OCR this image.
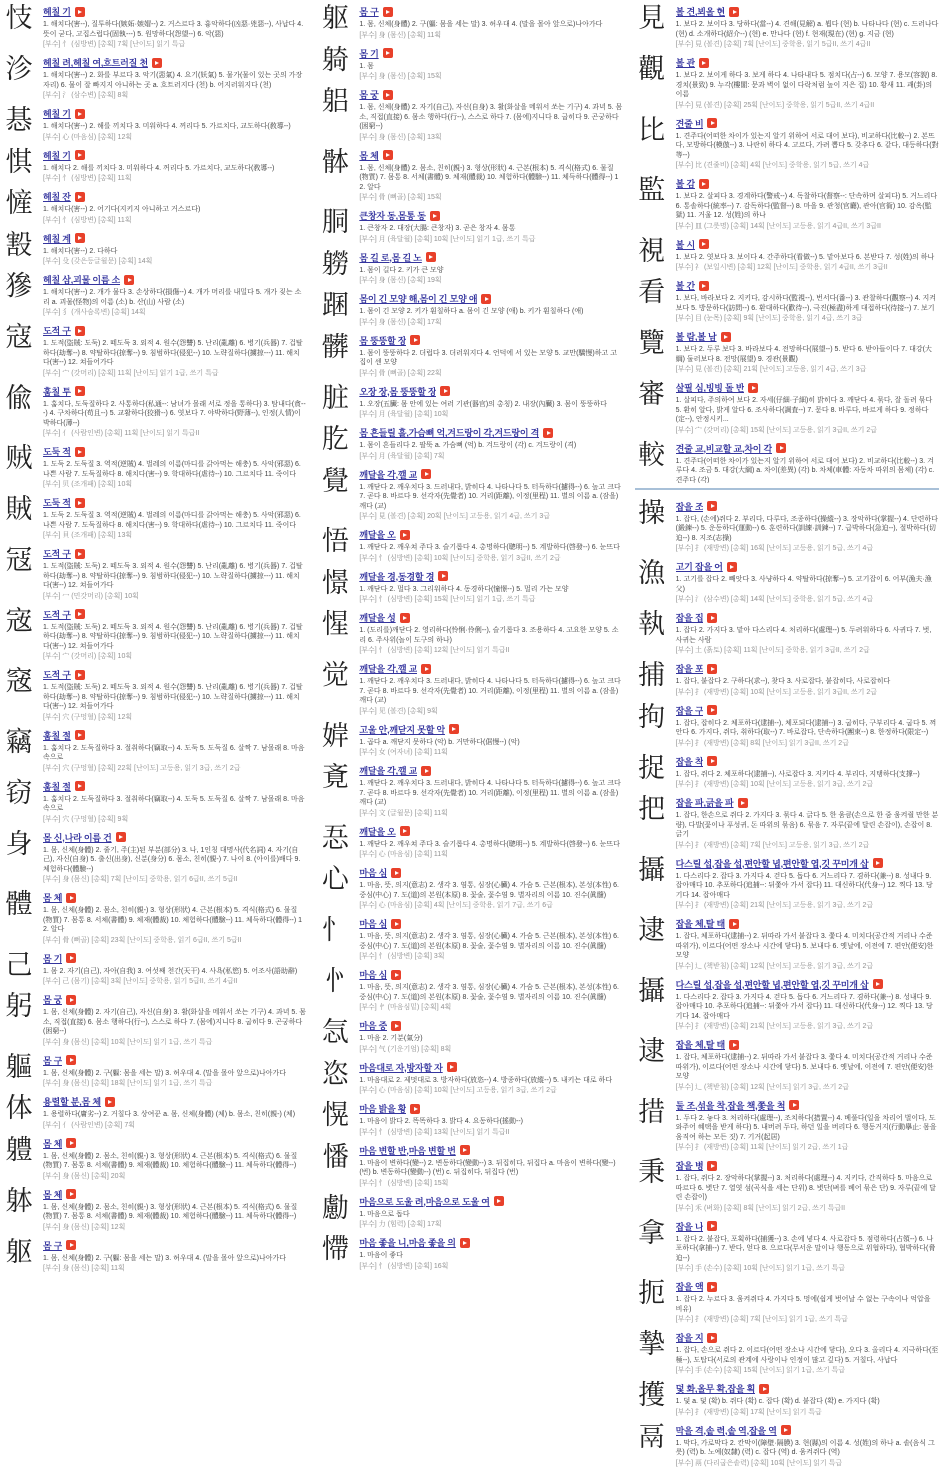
忮	헤칠 기
1. 해치다(害--), 질투하다(嫉妬·嫉媢--) 2. 거스르다 3. 흉악하다(凶惡·兇惡--), 사납다 4. 뜻이 굳다, 고집스럽다(固執---) 5. 원망하다(怨望--) 6. 악(惡)
[부수] 忄 (심방변) [총획] 7획 [난이도] 읽기 특급
沴	헤칠 려,헤칠 여,흐트러질 천
1. 해치다(害--) 2. 화를 부르다 3. 악기(惡氣) 4. 요기(妖氣) 5. 물가(물이 있는 곳의 가장자리) 6. 물이 잘 빠지지 아니하는 곳 a. 흐트러지다 (천) b. 어지러워지다 (천)
[부수] 氵 (삼수변) [총획] 8획
惎	헤칠 기
1. 해치다(害--) 2. 해를 끼치다 3. 미워하다 4. 꺼리다 5. 가르치다, 교도하다(敎導--)
[부수] 心 (마음심) [총획] 12획
㥍	헤칠 기
1. 해치다 2. 해를 끼치다 3. 미워하다 4. 꺼리다 5. 가르치다, 교도하다(敎導--)
[부수] 忄 (심방변) [총획] 11획
㦃	헤칠 잔
1. 해치다(害--) 2. 어기다(지키지 아니하고 거스르다)
[부수] 忄 (심방변) [총획] 11획
㲅	헤칠 계
1. 해치다(害--) 2. 다하다
[부수] 殳 (갖은등글월문) [총획] 14획
㺑	헤칠 삼,괴물 이름 소
1. 해치다(害--) 2. 개가 물다 3. 손상하다(損傷--) 4. 개가 머리를 내밀다 5. 개가 짖는 소리 a. 괴물(怪物)의 이름 (소) b. 산(山) 사람 (소)
[부수] 犭 (개사슴록변) [총획] 14획
寇	도적 구
1. 도적(盜賊: 도둑) 2. 떼도둑 3. 외적 4. 원수(怨讐) 5. 난리(亂離) 6. 병기(兵器) 7. 겁탈하다(劫奪--) 8. 약탈하다(掠奪--) 9. 침범하다(侵犯--) 10. 노략질하다(擄掠---) 11. 해치다(害--) 12. 쳐들어가다
[부수] 宀 (갓머리) [총획] 11획 [난이도] 읽기 1급, 쓰기 특급
偸	훔칠 투
1. 훔치다, 도둑질하다 2. 사통하다(私通--: 남녀가 몰래 서로 정을 통하다) 3. 탐내다(貪---) 4. 구차하다(苟且--) 5. 교활하다(狡猾--) 6. 엿보다 7. 야박하다(野薄--), 인정(人情)이 박하다(薄--)
[부수] 亻 (사람인변) [총획] 11획 [난이도] 읽기 특급II
贼	도둑 적
1. 도둑 2. 도둑질 3. 역적(逆賊) 4. 벌레의 이름(마디를 갉아먹는 해충) 5. 사악(邪惡) 6. 나쁜 사람 7. 도둑질하다 8. 해치다(害--) 9. 학대하다(虐待--) 10. 그르치다 11. 죽이다
[부수] 贝 (조개패) [총획] 10획
賊	도둑 적
1. 도둑 2. 도둑질 3. 역적(逆賊) 4. 벌레의 이름(마디를 갉아먹는 해충) 5. 사악(邪惡) 6. 나쁜 사람 7. 도둑질하다 8. 해치다(害--) 9. 학대하다(虐待--) 10. 그르치다 11. 죽이다
[부수] 貝 (조개패) [총획] 13획
冦	도적 구
1. 도적(盜賊: 도둑) 2. 떼도둑 3. 외적 4. 원수(怨讐) 5. 난리(亂離) 6. 병기(兵器) 7. 겁탈하다(劫奪--) 8. 약탈하다(掠奪--) 9. 침범하다(侵犯--) 10. 노략질하다(擄掠---) 11. 해치다(害--) 12. 쳐들어가다
[부수] 冖 (민갓머리) [총획] 10획
宼	도적 구
1. 도적(盜賊: 도둑) 2. 떼도둑 3. 외적 4. 원수(怨讐) 5. 난리(亂離) 6. 병기(兵器) 7. 겁탈하다(劫奪--) 8. 약탈하다(掠奪--) 9. 침범하다(侵犯--) 10. 노략질하다(擄掠---) 11. 해치다(害--) 12. 쳐들어가다
[부수] 宀 (갓머리) [총획] 10획
窛	도적 구
1. 도적(盜賊: 도둑) 2. 떼도둑 3. 외적 4. 원수(怨讐) 5. 난리(亂離) 6. 병기(兵器) 7. 겁탈하다(劫奪--) 8. 약탈하다(掠奪--) 9. 침범하다(侵犯--) 10. 노략질하다(擄掠---) 11. 해치다(害--) 12. 쳐들어가다
[부수] 穴 (구멍혈) [총획] 12획
竊	훔칠 절
1. 훔치다 2. 도둑질하다 3. 절취하다(竊取--) 4. 도둑 5. 도둑질 6. 살짝 7. 남몰래 8. 마음속으로
[부수] 穴 (구멍혈) [총획] 22획 [난이도] 고등용, 읽기 3급, 쓰기 2급
窃	훔칠 절
1. 훔치다 2. 도둑질하다 3. 절취하다(竊取--) 4. 도둑 5. 도둑질 6. 살짝 7. 남몰래 8. 마음속으로
[부수] 穴 (구멍혈) [총획] 9획
身	몸 신,나라 이름 건
1. 몸, 신체(身體) 2. 줄기, 주(主)된 부분(部分) 3. 나, 1인칭 대명사(代名詞) 4. 자기(自己), 자신(自身) 5. 출신(出身), 신분(身分) 6. 몸소, 친히(親-) 7. 나이 8. (아이를)배다 9. 체험하다(體驗--)
[부수] 身 (몸신) [총획] 7획 [난이도] 중학용, 읽기 6급II, 쓰기 5급II
體	몸 체
1. 몸, 신체(身體) 2. 몸소, 친히(親-) 3. 형상(形狀) 4. 근본(根本) 5. 격식(格式) 6. 물질(物質) 7. 몸통 8. 서체(書體) 9. 체재(體裁) 10. 체험하다(體驗--) 11. 체득하다(體得--) 12. 알다
[부수] 骨 (뼈골) [총획] 23획 [난이도] 중학용, 읽기 6급II, 쓰기 5급II
己	몸 기
1. 몸 2. 자기(自己), 자아(自我) 3. 여섯째 천간(天干) 4. 사욕(私慾) 5. 어조사(語助辭)
[부수] 己 (몸기) [총획] 3획 [난이도] 중학용, 읽기 5급II, 쓰기 4급II
躬	몸 궁
1. 몸, 신체(身體) 2. 자기(自己), 자신(自身) 3. 활(화살을 메워서 쏘는 기구) 4. 과녁 5. 몸소, 직접(直接) 6. 몸소 행하다(行--), 스스로 하다 7. (몸에)지니다 8. 굽히다 9. 곤궁하다(困窮--)
[부수] 身 (몸신) [총획] 10획 [난이도] 읽기 1급, 쓰기 특급
軀	몸 구
1. 몸, 신체(身體) 2. 구(軀: 몸을 세는 말) 3. 허우대 4. (말을 몰아 앞으로)나아가다
[부수] 身 (몸신) [총획] 18획 [난이도] 읽기 1급, 쓰기 특급
体	용렬할 분,몸 체
1. 용렬하다(庸劣--) 2. 거칠다 3. 상여꾼 a. 몸, 신체(身體) (체) b. 몸소, 친히(親-) (체)
[부수] 亻 (사람인변) [총획] 7획
軆	몸 체
1. 몸, 신체(身體) 2. 몸소, 친히(親-) 3. 형상(形狀) 4. 근본(根本) 5. 격식(格式) 6. 물질(物質) 7. 몸통 8. 서체(書體) 9. 체재(體裁) 10. 체험하다(體驗--) 11. 체득하다(體得--)
[부수] 身 (몸신) [총획] 20획
躰	몸 체
1. 몸, 신체(身體) 2. 몸소, 친히(親-) 3. 형상(形狀) 4. 근본(根本) 5. 격식(格式) 6. 물질(物質) 7. 몸통 8. 서체(書體) 9. 체재(體裁) 10. 체험하다(體驗--) 11. 체득하다(體得--)
[부수] 身 (몸신) [총획] 12획
躯	몸 구
1. 몸, 신체(身體) 2. 구(軀: 몸을 세는 말) 3. 허우대 4. (말을 몰아 앞으로)나아가다
[부수] 身 (몸신) [총획] 11획
躯	몸 구
1. 몸, 신체(身體) 2. 구(軀: 몸을 세는 말) 3. 허우대 4. (말을 몰아 앞으로)나아가다
[부수] 身 (몸신) [총획] 11획
躸	몸 기
1. 몸
[부수] 身 (몸신) [총획] 15획
躳	몸 궁
1. 몸, 신체(身體) 2. 자기(自己), 자신(自身) 3. 활(화살을 메워서 쏘는 기구) 4. 과녁 5. 몸소, 직접(直接) 6. 몸소 행하다(行--), 스스로 하다 7. (몸에)지니다 8. 굽히다 9. 곤궁하다(困窮--)
[부수] 身 (몸신) [총획] 13획
骵	몸 체
1. 몸, 신체(身體) 2. 몸소, 친히(親-) 3. 형상(形狀) 4. 근본(根本) 5. 격식(格式) 6. 물질(物質) 7. 몸통 8. 서체(書體) 9. 체재(體裁) 10. 체험하다(體驗--) 11. 체득하다(體得--) 12. 알다
[부수] 骨 (뼈골) [총획] 15획
胴	큰창자 동,몸통 동
1. 큰창자 2. 대장(大腸: 큰창자) 3. 곧은 창자 4. 몸통
[부수] 月 (육달월) [총획] 10획 [난이도] 읽기 1급, 쓰기 특급
軂	몸 길 로,몸 길 노
1. 몸이 길다 2. 키가 큰 모양
[부수] 身 (몸신) [총획] 19획
䠅	몸이 긴 모양 해,몸이 긴 모양 애
1. 몸이 긴 모양 2. 키가 훤칠하다 a. 몸이 긴 모양 (애) b. 키가 훤칠하다 (애)
[부수] 身 (몸신) [총획] 17획
髒	몸 뚱뚱할 장
1. 몸이 뚱뚱하다 2. 더럽다 3. 더러워지다 4. 언덕에 서 있는 모양 5. 교만(驕慢)하고 고집이 센 모양
[부수] 骨 (뼈골) [총획] 22획
脏	오장 장,몸 뚱뚱할 장
1. 오장(五臟: 몸 안에 있는 여러 기관(器官)의 총칭) 2. 내장(內臟) 3. 몸이 뚱뚱하다
[부수] 月 (육달월) [총획] 10획
肐	몸 흔들릴 흘,가슴뼈 억,겨드랑이 각,겨드랑이 격
1. 몸이 흔들리다 2. 팔뚝 a. 가슴뼈 (억) b. 겨드랑이 (각) c. 겨드랑이 (격)
[부수] 月 (육달월) [총획] 7획
覺	깨달을 각,깰 교
1. 깨닫다 2. 깨우치다 3. 드러내다, 밝히다 4. 나타나다 5. 터득하다(攄得--) 6. 높고 크다 7. 곧다 8. 바르다 9. 선각자(先覺者) 10. 거리(距離), 이정(里程) 11. 별의 이름 a. (잠을)깨다 (교)
[부수] 見 (볼견) [총획] 20획 [난이도] 고등용, 읽기 4급, 쓰기 3급
悟	깨달을 오
1. 깨닫다 2. 깨우쳐 주다 3. 슬기롭다 4. 총명하다(聰明--) 5. 계발하다(啓發--) 6. 눈뜨다
[부수] 忄 (심방변) [총획] 10획 [난이도] 중학용, 읽기 3급II, 쓰기 2급
憬	깨달을 경,동경할 경
1. 깨닫다 2. 멀다 3. 그리워하다 4. 동경하다(憧憬--) 5. 멀리 가는 모양
[부수] 忄 (심방변) [총획] 15획 [난이도] 읽기 1급, 쓰기 특급
惺	깨달을 성
1. (도리를)깨닫다 2. 영리하다(怜悧·伶俐--), 슬기롭다 3. 조용하다 4. 고요한 모양 5. 소리 6. 주사위(놀이 도구의 하나)
[부수] 忄 (심방변) [총획] 12획 [난이도] 읽기 특급II
觉	깨달을 각,깰 교
1. 깨닫다 2. 깨우치다 3. 드러내다, 밝히다 4. 나타나다 5. 터득하다(攄得--) 6. 높고 크다 7. 곧다 8. 바르다 9. 선각자(先覺者) 10. 거리(距離), 이정(里程) 11. 별의 이름 a. (잠을)깨다 (교)
[부수] 见 (볼견) [총획] 9획
婩	고울 안,깨닫지 못할 악
1. 곱다 a. 깨닫지 못하다 (악) b. 거만하다(倨慢--) (악)
[부수] 女 (여자녀) [총획] 11획
斍	깨달을 각,깰 교
1. 깨닫다 2. 깨우치다 3. 드러내다, 밝히다 4. 나타나다 5. 터득하다(攄得--) 6. 높고 크다 7. 곧다 8. 바르다 9. 선각자(先覺者) 10. 거리(距離), 이정(里程) 11. 별의 이름 a. (잠을)깨다 (교)
[부수] 文 (글월문) [총획] 11획
忢	깨달을 오
1. 깨닫다 2. 깨우쳐 주다 3. 슬기롭다 4. 총명하다(聰明--) 5. 계발하다(啓發--) 6. 눈뜨다
[부수] 心 (마음심) [총획] 11획
心	마음 심
1. 마음, 뜻, 의지(意志) 2. 생각 3. 염통, 심장(心臟) 4. 가슴 5. 근본(根本), 본성(本性) 6. 중심(中心) 7. 도(道)의 본원(本原) 8. 꽃술, 꽃수염 9. 별자리의 이름 10. 진수(眞髓)
[부수] 心 (마음심) [총획] 4획 [난이도] 중학용, 읽기 7급, 쓰기 6급
忄	마음 심
1. 마음, 뜻, 의지(意志) 2. 생각 3. 염통, 심장(心臟) 4. 가슴 5. 근본(根本), 본성(本性) 6. 중심(中心) 7. 도(道)의 본원(本原) 8. 꽃술, 꽃수염 9. 별자리의 이름 10. 진수(眞髓)
[부수] 忄 (심방변) [총획] 3획
㣺	마음 심
1. 마음, 뜻, 의지(意志) 2. 생각 3. 염통, 심장(心臟) 4. 가슴 5. 근본(根本), 본성(本性) 6. 중심(中心) 7. 도(道)의 본원(本原) 8. 꽃술, 꽃수염 9. 별자리의 이름 10. 진수(眞髓)
[부수] 㣺 (마음심밑) [총획] 4획
忥	마음 중
1. 마음 2. 기분(氣分)
[부수] 气 (기운기엄) [총획] 8획
恣	마음대로 자,방자할 자
1. 마음대로 2. 제멋대로 3. 방자하다(放恣--) 4. 방종하다(放縱--) 5. 내키는 대로 하다
[부수] 心 (마음심) [총획] 10획 [난이도] 고등용, 읽기 3급, 쓰기 2급
愰	마음 밝을 황
1. 마음이 밝다 2. 똑똑하다 3. 밝다 4. 요동하다(搖動--)
[부수] 忄 (심방변) [총획] 13획 [난이도] 읽기 특급II
憣	마음 변할 반,마음 변할 번
1. 마음이 변하다(變--) 2. 변동하다(變動--) 3. 뒤집히다, 뒤집다 a. 마음이 변하다(變--) (번) b. 변동하다(變動--) (번) c. 뒤집히다, 뒤집다 (번)
[부수] 忄 (심방변) [총획] 15획
勴	마음으로 도울 려,마음으로 도울 여
1. 마음으로 돕다
[부수] 力 (힘력) [총획] 17획
㦅	마음 좋을 니,마음 좋을 의
1. 마음이 좋다
[부수] 忄 (심방변) [총획] 16획
見	볼 견,뵈올 현
1. 보다 2. 보이다 3. 당하다(當--) 4. 견해(見解) a. 뵙다 (현) b. 나타나다 (현) c. 드러나다 (현) d. 소개하다(紹介--) (현) e. 만나다 (현) f. 현재(現在) (현) g. 지금 (현)
[부수] 見 (볼견) [총획] 7획 [난이도] 중학용, 읽기 5급II, 쓰기 4급II
觀	볼 관
1. 보다 2. 보이게 하다 3. 보게 하다 4. 나타내다 5. 점치다(占--) 6. 모양 7. 용모(容貌) 8. 경치(景致) 9. 누각(樓閣: 문과 벽이 없이 다락처럼 높이 지은 집) 10. 황새 11. 괘(卦)의 이름
[부수] 見 (볼견) [총획] 25획 [난이도] 중학용, 읽기 5급II, 쓰기 4급II
比	견줄 비
1. 견주다(어떠한 차이가 있는지 알기 위하여 서로 대어 보다), 비교하다(比較--) 2. 본뜨다, 모방하다(模倣--) 3. 나란히 하다 4. 고르다, 가려 뽑다 5. 갖추다 6. 같다, 대등하다(對等--)
[부수] 比 (견줄비) [총획] 4획 [난이도] 중학용, 읽기 5급, 쓰기 4급
監	볼 감
1. 보다 2. 살피다 3. 경계하다(警戒--) 4. 독찰하다(督察--: 단속하며 살피다) 5. 거느리다 6. 통솔하다(統率--) 7. 감독하다(監督--) 8. 마을 9. 관청(官廳), 관아(官衙) 10. 감옥(監獄) 11. 거울 12. 성(姓)의 하나
[부수] 皿 (그릇명) [총획] 14획 [난이도] 고등용, 읽기 4급II, 쓰기 3급II
視	볼 시
1. 보다 2. 엿보다 3. 보이다 4. 간주하다(看做--) 5. 맡아보다 6. 본받다 7. 성(姓)의 하나
[부수] 礻 (보일시변) [총획] 12획 [난이도] 중학용, 읽기 4급II, 쓰기 3급II
看	볼 간
1. 보다, 바라보다 2. 지키다, 감시하다(監視--), 번서다(番--) 3. 관찰하다(觀察--) 4. 지켜보다 5. 방문하다(訪問--) 6. 환대하다(歡待--), 극진(極盡)하게 대접하다(待接--) 7. 보기
[부수] 目 (눈목) [총획] 9획 [난이도] 중학용, 읽기 4급, 쓰기 3급
覽	볼 람,볼 남
1. 보다 2. 두루 보다 3. 바라보다 4. 전망하다(展望--) 5. 받다 6. 받아들이다 7. 대강(大綱) 둘러보다 8. 전망(展望) 9. 경관(景觀)
[부수] 見 (볼견) [총획] 21획 [난이도] 고등용, 읽기 4급, 쓰기 3급
審	살필 심,빙빙 돌 반
1. 살피다, 주의하여 보다 2. 자세(仔細·子細)히 밝히다 3. 깨닫다 4. 묶다, 잘 돌려 묶다 5. 환히 알다, 밝게 알다 6. 조사하다(調査--) 7. 묻다 8. 바루다, 바르게 하다 9. 정하다(定--), 안정시키...
[부수] 宀 (갓머리) [총획] 15획 [난이도] 고등용, 읽기 3급II, 쓰기 2급
較	견줄 교,비교할 교,차이 각
1. 견주다(어떠한 차이가 있는지 알기 위하여 서로 대어 보다) 2. 비교하다(比較--) 3. 겨루다 4. 조금 5. 대강(大綱) a. 차이(差異) (각) b. 차체(車體: 자동차 따위의 몸체) (각) c. 견주다 (각)
操	잡을 조
1. 잡다, (손에)쥐다 2. 부리다, 다루다, 조종하다(操縱--) 3. 장악하다(掌握--) 4. 단련하다(鍛鍊--) 5. 운동하다(運動--) 6. 훈련하다(訓練·訓鍊--) 7. 급박하다(急迫--), 절박하다(切迫--) 8. 지조(志操)
[부수] 扌 (재방변) [총획] 16획 [난이도] 고등용, 읽기 5급, 쓰기 4급
漁	고기 잡을 어
1. 고기를 잡다 2. 빼앗다 3. 사냥하다 4. 약탈하다(掠奪--) 5. 고기잡이 6. 어부(漁夫·漁父)
[부수] 氵 (삼수변) [총획] 14획 [난이도] 중학용, 읽기 5급, 쓰기 4급
執	잡을 집
1. 잡다 2. 가지다 3. 맡아 다스리다 4. 처리하다(處理--) 5. 두려워하다 6. 사귀다 7. 벗, 사귀는 사람
[부수] 土 (흙토) [총획] 11획 [난이도] 중학용, 읽기 3급II, 쓰기 2급
捕	잡을 포
1. 잡다, 붙잡다 2. 구하다(求--), 찾다 3. 사로잡다, 붙잡히다, 사로잡히다
[부수] 扌 (재방변) [총획] 10획 [난이도] 고등용, 읽기 3급II, 쓰기 2급
拘	잡을 구
1. 잡다, 잡히다 2. 체포하다(逮捕--), 체포되다(逮捕--) 3. 굽히다, 구부리다 4. 굽다 5. 껴안다 6. 가지다, 쥐다, 취하다(取--) 7. 바로잡다, 단속하다(團束--) 8. 한정하다(限定--)
[부수] 扌 (재방변) [총획] 8획 [난이도] 읽기 3급II, 쓰기 2급
捉	잡을 착
1. 잡다, 쥐다 2. 체포하다(逮捕--), 사로잡다 3. 지키다 4. 부리다, 지탱하다(支撑--)
[부수] 扌 (재방변) [총획] 10획 [난이도] 고등용, 읽기 3급, 쓰기 2급
把	잡을 파,긁을 파
1. 잡다, 한손으로 쥐다 2. 가지다 3. 묶다 4. 긁다 5. 한 움큼(손으로 한 줌 움켜쥘 만한 분량), 다발(꽃이나 푸성귀, 돈 따위의 묶음) 6. 묶음 7. 자루(끝에 달린 손잡이), 손잡이 8. 긁기
[부수] 扌 (재방변) [총획] 7획 [난이도] 고등용, 읽기 3급, 쓰기 2급
攝	다스릴 섭,잡을 섭,편안할 녑,편안할 엽,깃 꾸미개 삽
1. 다스리다 2. 잡다 3. 가지다 4. 걷다 5. 돕다 6. 거느리다 7. 겸하다(兼--) 8. 성내다 9. 잡아매다 10. 추포하다(追捕--: 뒤쫓아 가서 잡다) 11. 대신하다(代身--) 12. 찍다 13. 당기다 14. 잡아매다
[부수] 扌 (재방변) [총획] 21획 [난이도] 고등용, 읽기 3급, 쓰기 2급
逮	잡을 체,탈 태
1. 잡다, 체포하다(逮捕--) 2. 뒤따라 가서 붙잡다 3. 쫓다 4. 미치다(공간적 거리나 수준 따위가), 이르다(어떤 장소나 시간에 닿다) 5. 보내다 6. 옛날에, 이전에 7. 편안(便安)한 모양
[부수] 辶 (책받침) [총획] 12획 [난이도] 고등용, 읽기 3급, 쓰기 2급
攝	다스릴 섭,잡을 섭,편안할 녑,편안할 엽,깃 꾸미개 삽
1. 다스리다 2. 잡다 3. 가지다 4. 걷다 5. 돕다 6. 거느리다 7. 겸하다(兼--) 8. 성내다 9. 잡아매다 10. 추포하다(追捕--: 뒤쫓아 가서 잡다) 11. 대신하다(代身--) 12. 찍다 13. 당기다 14. 잡아매다
[부수] 扌 (재방변) [총획] 21획 [난이도] 고등용, 읽기 3급, 쓰기 2급
逮	잡을 체,탈 태
1. 잡다, 체포하다(逮捕--) 2. 뒤따라 가서 붙잡다 3. 쫓다 4. 미치다(공간적 거리나 수준 따위가), 이르다(어떤 장소나 시간에 닿다) 5. 보내다 6. 옛날에, 이전에 7. 편안(便安)한 모양
[부수] 辶 (책받침) [총획] 12획 [난이도] 읽기 3급, 쓰기 2급
措	둘 조,섞을 착,잡을 책,쫓을 척
1. 두다 2. 놓다 3. 처리하다(處理--), 조치하다(措置--) 4. 베풀다(일을 차리어 벌이다, 도와주어 혜택을 받게 하다) 5. 내버려 두다, 하던 일을 버리다 6. 행동거지(行動擧止: 몸을 움직여 하는 모든 짓) 7. 기거(起居)
[부수] 扌 (재방변) [총획] 11획 [난이도] 읽기 2급, 쓰기 1급
秉	잡을 병
1. 잡다, 쥐다 2. 장악하다(掌握--) 3. 처리하다(處理--) 4. 지키다, 간직하다 5. 마음으로 따르다 6. 볏단 7. 열엿 섬(곡식을 세는 단위) 8. 볏단(벼를 베어 묶은 단) 9. 자루(끝에 달린 손잡이)
[부수] 禾 (벼화) [총획] 8획 [난이도] 읽기 2급, 쓰기 특급II
拿	잡을 나
1. 잡다 2. 붙잡다, 포획하다(捕獲--) 3. 손에 넣다 4. 사로잡다 5. 점령하다(占領--) 6. 나포하다(拿捕--) 7. 받다, 얻다 8. 으르다(무서운 말이나 행동으로 위협하다), 협박하다(脅迫--)
[부수] 手 (손수) [총획] 10획 [난이도] 읽기 1급, 쓰기 특급
扼	잡을 액
1. 잡다 2. 누르다 3. 움켜쥐다 4. 가지다 5. 멍에(쉽게 벗어날 수 없는 구속이나 억압을 비유)
[부수] 扌 (재방변) [총획] 7획 [난이도] 읽기 1급, 쓰기 특급
摯	잡을 지
1. 잡다, 손으로 쥐다 2. 이르다(어떤 장소나 시간에 닿다), 오다 3. 올리다 4. 지극하다(至極--), 도탑다(서로의 관계에 사랑이나 인정이 많고 깊다) 5. 거칠다, 사납다
[부수] 手 (손수) [총획] 15획 [난이도] 읽기 1급, 쓰기 특급
擭	덫 화,올무 확,잡을 획
1. 덫 a. 덫 (확) b. 쥐다 (확) c. 잡다 (확) d. 붙잡다 (확) e. 가지다 (확)
[부수] 扌 (재방변) [총획] 17획 [난이도] 읽기 특급
鬲	막을 격,솥 력,솥 역,잡을 역
1. 막다, 가로막다 2. 칸막이(障壁·隔膜) 3. 현(縣)의 이름 4. 성(姓)의 하나 a. 솥(음식 그릇) (력) b. 노예(奴隸) (력) c. 잡다 (역) d. 움켜쥐다 (역)
[부수] 鬲 (다리굽은솥력) [총획] 10획 [난이도] 읽기 특급
